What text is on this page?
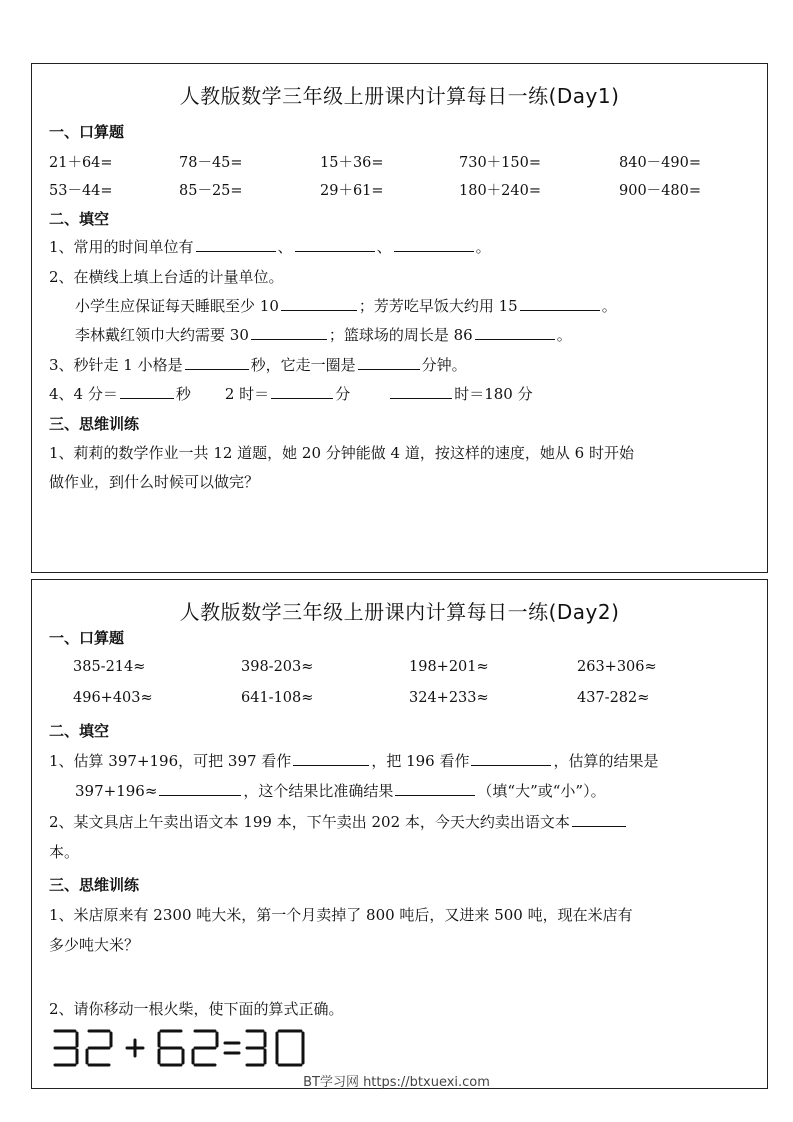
人教版数学三年级上册课内计算每日一练(Day1)
一、口算题
21＋64=	78－45=	15＋36=	730＋150=	840－490=
53－44=	85－25=	29＋61=	180＋240=	900－480=
二、填空
1、常用的时间单位有	、	、	。
2、在横线上填上台适的计量单位。
小学生应保证每天睡眠至少 10	；芳芳吃早饭大约用 15	。
李林戴红领巾大约需要 30	；篮球场的周长是 86	。
3、秒针走 1 小格是	秒，它走一圈是	分钟。
4、4 分＝	秒 2 时＝	分	时＝180 分
三、思维训练
1、莉莉的数学作业一共 12 道题，她 20 分钟能做 4 道，按这样的速度，她从 6 时开始
做作业，到什么时候可以做完？
人教版数学三年级上册课内计算每日一练(Day2)
一、口算题
385-214≈	398-203≈	198+201≈	263+306≈
496+403≈	641-108≈	324+233≈	437-282≈
二、填空
1、估算 397+196，可把 397 看作	，把 196 看作	，估算的结果是
397+196≈	，这个结果比准确结果	（填“大”或“小”）。
2、某文具店上午卖出语文本 199 本，下午卖出 202 本，今天大约卖出语文本
本。
三、思维训练
1、米店原来有 2300 吨大米，第一个月卖掉了 800 吨后，又进来 500 吨，现在米店有
多少吨大米？
2、请你移动一根火柴，使下面的算式正确。
BT学习网 https://btxuexi.com
